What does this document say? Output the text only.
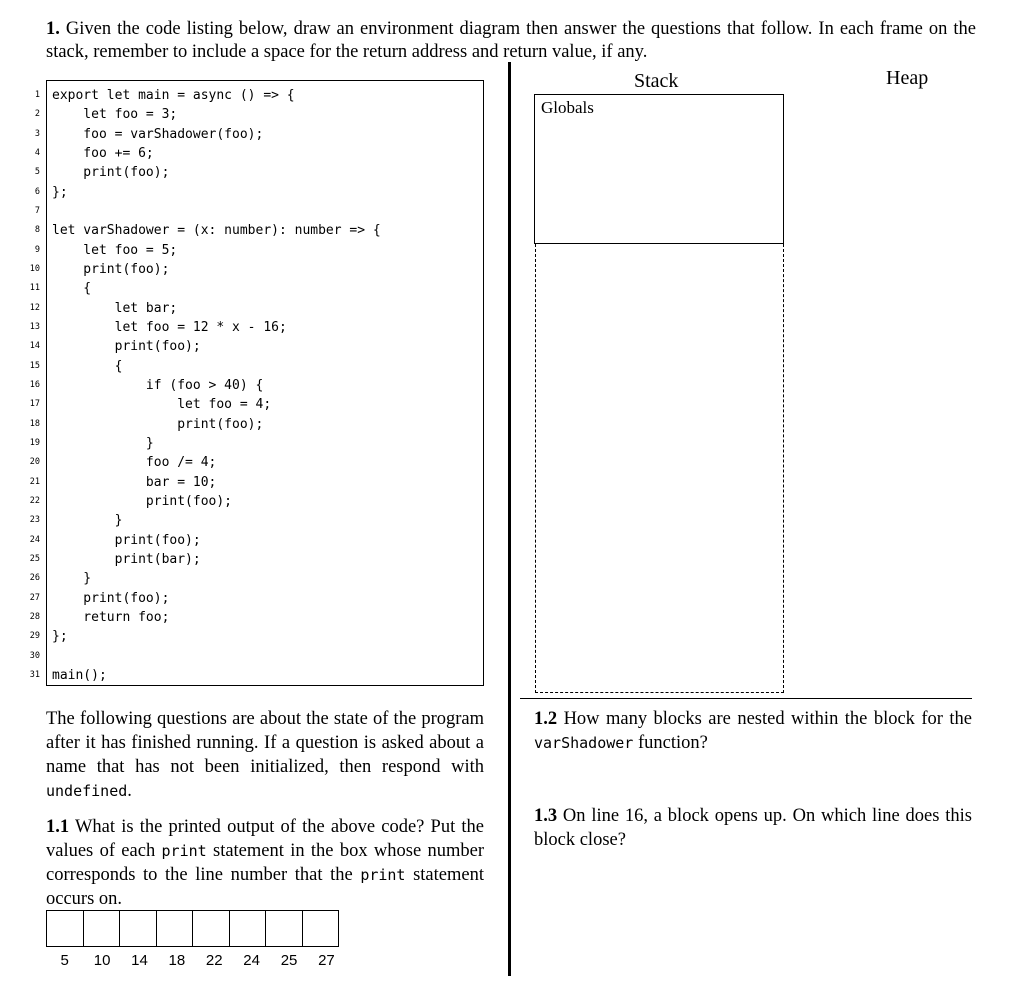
1. Given the code listing below, draw an environment diagram then answer the questions that follow. In each frame on the stack, remember to include a space for the return address and return value, if any.
1
2
3
4
5
6
7
8
9
10
11
12
13
14
15
16
17
18
19
20
21
22
23
24
25
26
27
28
29
30
31
export let main = async () => {
let foo = 3;
foo = varShadower(foo);
foo += 6;
print(foo);
};
let varShadower = (x: number): number => {
let foo = 5;
print(foo);
{
let bar;
let foo = 12 * x - 16;
print(foo);
{
if (foo > 40) {
let foo = 4;
print(foo);
}
foo /= 4;
bar = 10;
print(foo);
}
print(foo);
print(bar);
}
print(foo);
return foo;
};
main();
Stack	Heap
Globals
The following questions are about the state of the program after it has finished running. If a question is asked about a name that has not been initialized, then respond with undefined.
1.1 What is the printed output of the above code? Put the values of each print statement in the box whose number corresponds to the line number that the print statement occurs on.
5	10	14	18	22	24	25	27
1.2 How many blocks are nested within the block for the varShadower function?
1.3 On line 16, a block opens up. On which line does this block close?
